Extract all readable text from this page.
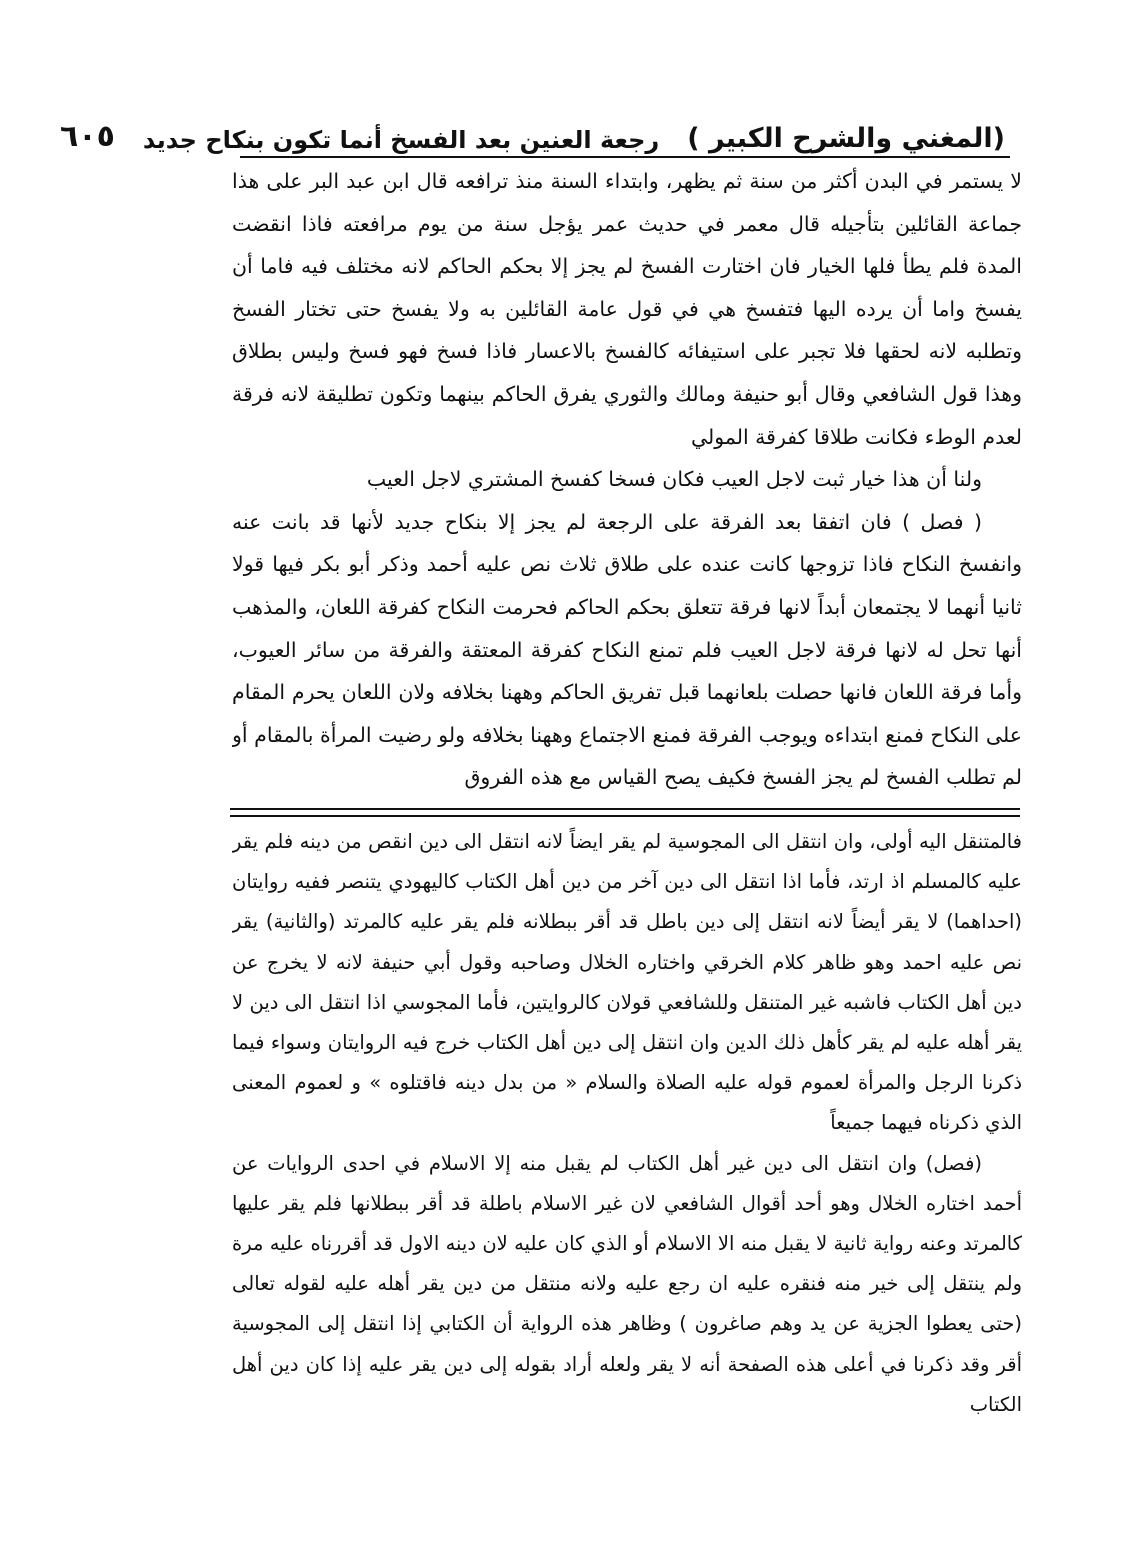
(المغني والشرح الكبير )
رجعة العنين بعد الفسخ أنما تكون بنكاح جديد
٦٠٥

لا يستمر في البدن أكثر من سنة ثم يظهر، وابتداء السنة منذ ترافعه قال ابن عبد البر على هذا جماعة القائلين بتأجيله قال معمر في حديث عمر يؤجل سنة من يوم مرافعته فاذا انقضت المدة فلم يطأ فلها الخيار فان اختارت الفسخ لم يجز إلا بحكم الحاكم لانه مختلف فيه فاما أن يفسخ واما أن يرده اليها فتفسخ هي في قول عامة القائلين به ولا يفسخ حتى تختار الفسخ وتطلبه لانه لحقها فلا تجبر على استيفائه كالفسخ بالاعسار فاذا فسخ فهو فسخ وليس بطلاق وهذا قول الشافعي وقال أبو حنيفة ومالك والثوري يفرق الحاكم بينهما وتكون تطليقة لانه فرقة لعدم الوطء فكانت طلاقا كفرقة المولي

ولنا أن هذا خيار ثبت لاجل العيب فكان فسخا كفسخ المشتري لاجل العيب

( فصل ) فان اتفقا بعد الفرقة على الرجعة لم يجز إلا بنكاح جديد لأنها قد بانت عنه وانفسخ النكاح فاذا تزوجها كانت عنده على طلاق ثلاث نص عليه أحمد وذكر أبو بكر فيها قولا ثانيا أنهما لا يجتمعان أبداً لانها فرقة تتعلق بحكم الحاكم فحرمت النكاح كفرقة اللعان، والمذهب أنها تحل له لانها فرقة لاجل العيب فلم تمنع النكاح كفرقة المعتقة والفرقة من سائر العيوب، وأما فرقة اللعان فانها حصلت بلعانهما قبل تفريق الحاكم وههنا بخلافه ولان اللعان يحرم المقام على النكاح فمنع ابتداءه ويوجب الفرقة فمنع الاجتماع وههنا بخلافه ولو رضيت المرأة بالمقام أو لم تطلب الفسخ لم يجز الفسخ فكيف يصح القياس مع هذه الفروق

فالمتنقل اليه أولى، وان انتقل الى المجوسية لم يقر ايضاً لانه انتقل الى دين انقص من دينه فلم يقر عليه كالمسلم اذ ارتد، فأما اذا انتقل الى دين آخر من دين أهل الكتاب كاليهودي يتنصر ففيه روايتان (احداهما) لا يقر أيضاً لانه انتقل إلى دين باطل قد أقر ببطلانه فلم يقر عليه كالمرتد (والثانية) يقر نص عليه احمد وهو ظاهر كلام الخرقي واختاره الخلال وصاحبه وقول أبي حنيفة لانه لا يخرج عن دين أهل الكتاب فاشبه غير المتنقل وللشافعي قولان كالروايتين، فأما المجوسي اذا انتقل الى دين لا يقر أهله عليه لم يقر كأهل ذلك الدين وان انتقل إلى دين أهل الكتاب خرج فيه الروايتان وسواء فيما ذكرنا الرجل والمرأة لعموم قوله عليه الصلاة والسلام « من بدل دينه فاقتلوه » و لعموم المعنى الذي ذكرناه فيهما جميعاً

(فصل) وان انتقل الى دين غير أهل الكتاب لم يقبل منه إلا الاسلام في احدى الروايات عن أحمد اختاره الخلال وهو أحد أقوال الشافعي لان غير الاسلام باطلة قد أقر ببطلانها فلم يقر عليها كالمرتد وعنه رواية ثانية لا يقبل منه الا الاسلام أو الذي كان عليه لان دينه الاول قد أقررناه عليه مرة ولم ينتقل إلى خير منه فنقره عليه ان رجع عليه ولانه منتقل من دين يقر أهله عليه لقوله تعالى (حتى يعطوا الجزية عن يد وهم صاغرون ) وظاهر هذه الرواية أن الكتابي إذا انتقل إلى المجوسية أقر وقد ذكرنا في أعلى هذه الصفحة أنه لا يقر ولعله أراد بقوله إلى دين يقر عليه إذا كان دين أهل الكتاب
